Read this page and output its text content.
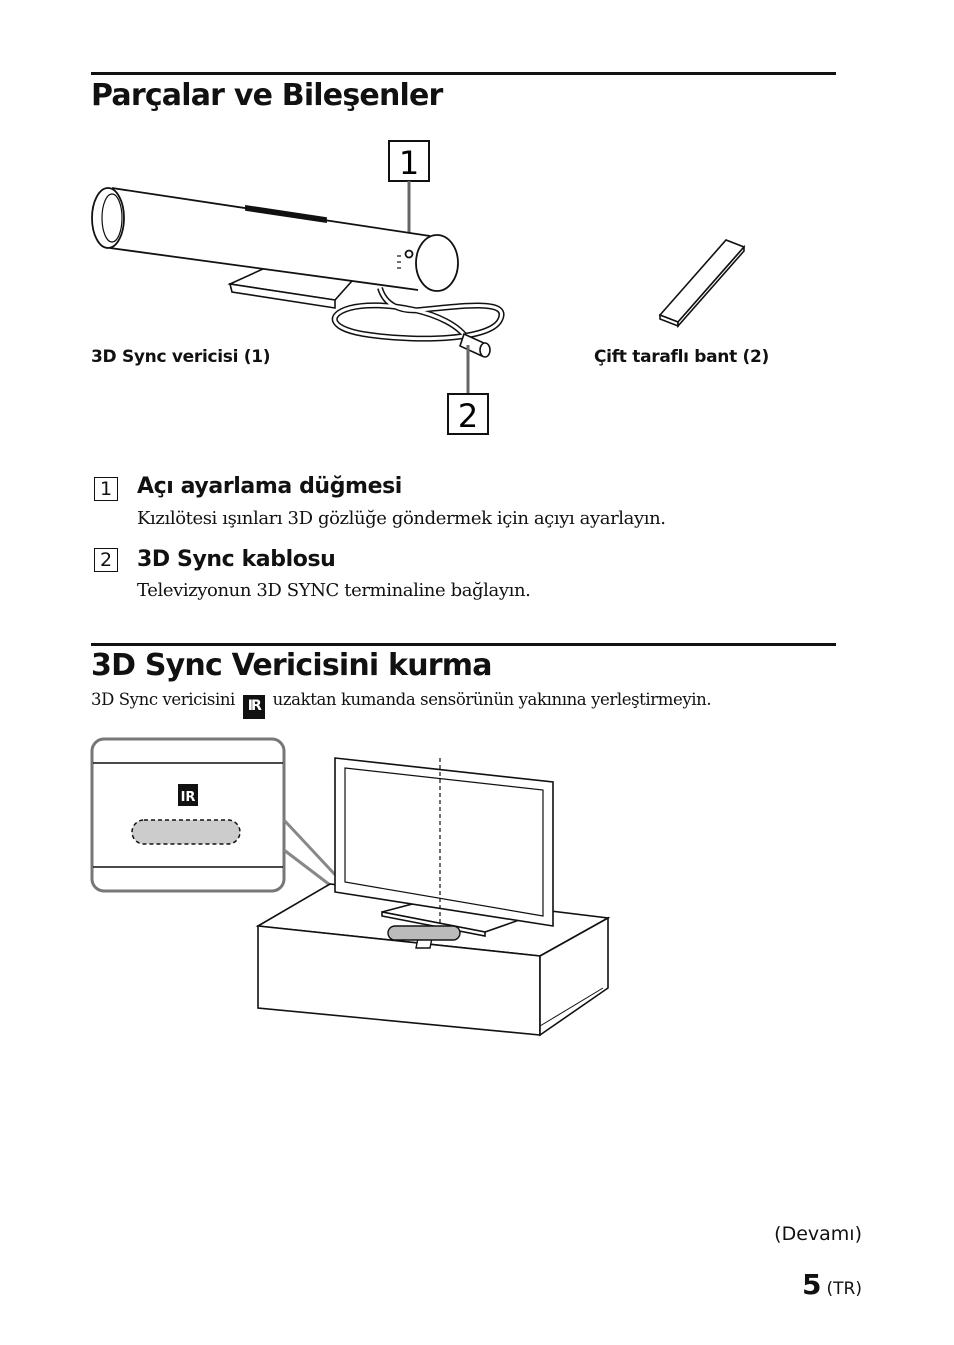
Parçalar ve Bileşenler
1
2
3D Sync vericisi (1)	Çift taraflı bant (2)
1 Açı ayarlama düğmesi
Kızılötesi ışınları 3D gözlüğe göndermek için açıyı ayarlayın.
2 3D Sync kablosu
Televizyonun 3D SYNC terminaline bağlayın.
3D Sync Vericisini kurma
3D Sync vericisini IR uzaktan kumanda sensörünün yakınına yerleştirmeyin.
IR
(Devamı)
5 (TR)
